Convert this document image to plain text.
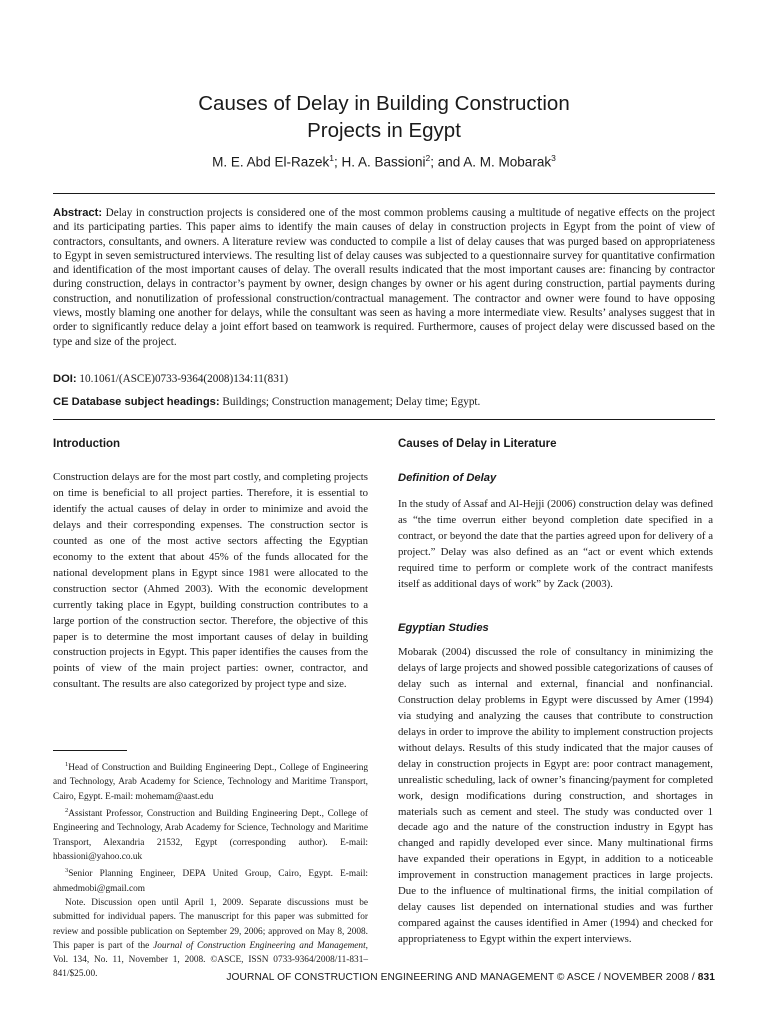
Causes of Delay in Building Construction
Projects in Egypt
M. E. Abd El-Razek$^1$; H. A. Bassioni$^2$; and A. M. Mobarak$^3$
Abstract: Delay in construction projects is considered one of the most common problems causing a multitude of negative effects on the project and its participating parties. This paper aims to identify the main causes of delay in construction projects in Egypt from the point of view of contractors, consultants, and owners. A literature review was conducted to compile a list of delay causes that was purged based on appropriateness to Egypt in seven semistructured interviews. The resulting list of delay causes was subjected to a questionnaire survey for quantitative confirmation and identification of the most important causes of delay. The overall results indicated that the most important causes are: financing by contractor during construction, delays in contractor’s payment by owner, design changes by owner or his agent during construction, partial payments during construction, and nonutilization of professional construction/contractual management. The contractor and owner were found to have opposing views, mostly blaming one another for delays, while the consultant was seen as having a more intermediate view. Results’ analyses suggest that in order to significantly reduce delay a joint effort based on teamwork is required. Furthermore, causes of project delay were discussed based on the type and size of the project.
DOI: 10.1061/(ASCE)0733-9364(2008)134:11(831)
CE Database subject headings: Buildings; Construction management; Delay time; Egypt.
Introduction

Construction delays are for the most part costly, and completing projects on time is beneficial to all project parties. Therefore, it is essential to identify the actual causes of delay in order to minimize and avoid the delays and their corresponding expenses. The construction sector is counted as one of the most active sectors affecting the Egyptian economy to the extent that about 45% of the funds allocated for the national development plans in Egypt since 1981 were allocated to the construction sector (Ahmed 2003). With the economic development currently taking place in Egypt, building construction contributes to a large portion of the construction sector. Therefore, the objective of this paper is to determine the most important causes of delay in building construction projects in Egypt. This paper identifies the causes from the points of view of the main project parties: owner, contractor, and consultant. The results are also categorized by project type and size.

$^1$Head of Construction and Building Engineering Dept., College of Engineering and Technology, Arab Academy for Science, Technology and Maritime Transport, Cairo, Egypt. E-mail: mohemam@aast.edu

$^2$Assistant Professor, Construction and Building Engineering Dept., College of Engineering and Technology, Arab Academy for Science, Technology and Maritime Transport, Alexandria 21532, Egypt (corresponding author). E-mail: hbassioni@yahoo.co.uk

$^3$Senior Planning Engineer, DEPA United Group, Cairo, Egypt. E-mail: ahmedmobi@gmail.com

Note. Discussion open until April 1, 2009. Separate discussions must be submitted for individual papers. The manuscript for this paper was submitted for review and possible publication on September 29, 2006; approved on May 8, 2008. This paper is part of the Journal of Construction Engineering and Management, Vol. 134, No. 11, November 1, 2008. ©ASCE, ISSN 0733-9364/2008/11-831–841/$25.00.

Causes of Delay in Literature
Definition of Delay

In the study of Assaf and Al-Hejji (2006) construction delay was defined as “the time overrun either beyond completion date specified in a contract, or beyond the date that the parties agreed upon for delivery of a project.” Delay was also defined as an “act or event which extends required time to perform or complete work of the contract manifests itself as additional days of work” by Zack (2003).

Egyptian Studies

Mobarak (2004) discussed the role of consultancy in minimizing the delays of large projects and showed possible categorizations of causes of delay such as internal and external, financial and nonfinancial. Construction delay problems in Egypt were discussed by Amer (1994) via studying and analyzing the causes that contribute to construction delays in order to improve the ability to implement construction projects without delays. Results of this study indicated that the major causes of delay in construction projects in Egypt are: poor contract management, unrealistic scheduling, lack of owner’s financing/payment for completed work, design modifications during construction, and shortages in materials such as cement and steel. The study was conducted over 1 decade ago and the nature of the construction industry in Egypt has changed and rapidly developed ever since. Many multinational firms have expanded their operations in Egypt, in addition to a noticeable improvement in construction management practices in large projects. Due to the influence of multinational firms, the initial compilation of delay causes list depended on international studies and was further compared against the causes identified in Amer (1994) and checked for appropriateness to Egypt within the expert interviews.

JOURNAL OF CONSTRUCTION ENGINEERING AND MANAGEMENT © ASCE / NOVEMBER 2008 / 831
